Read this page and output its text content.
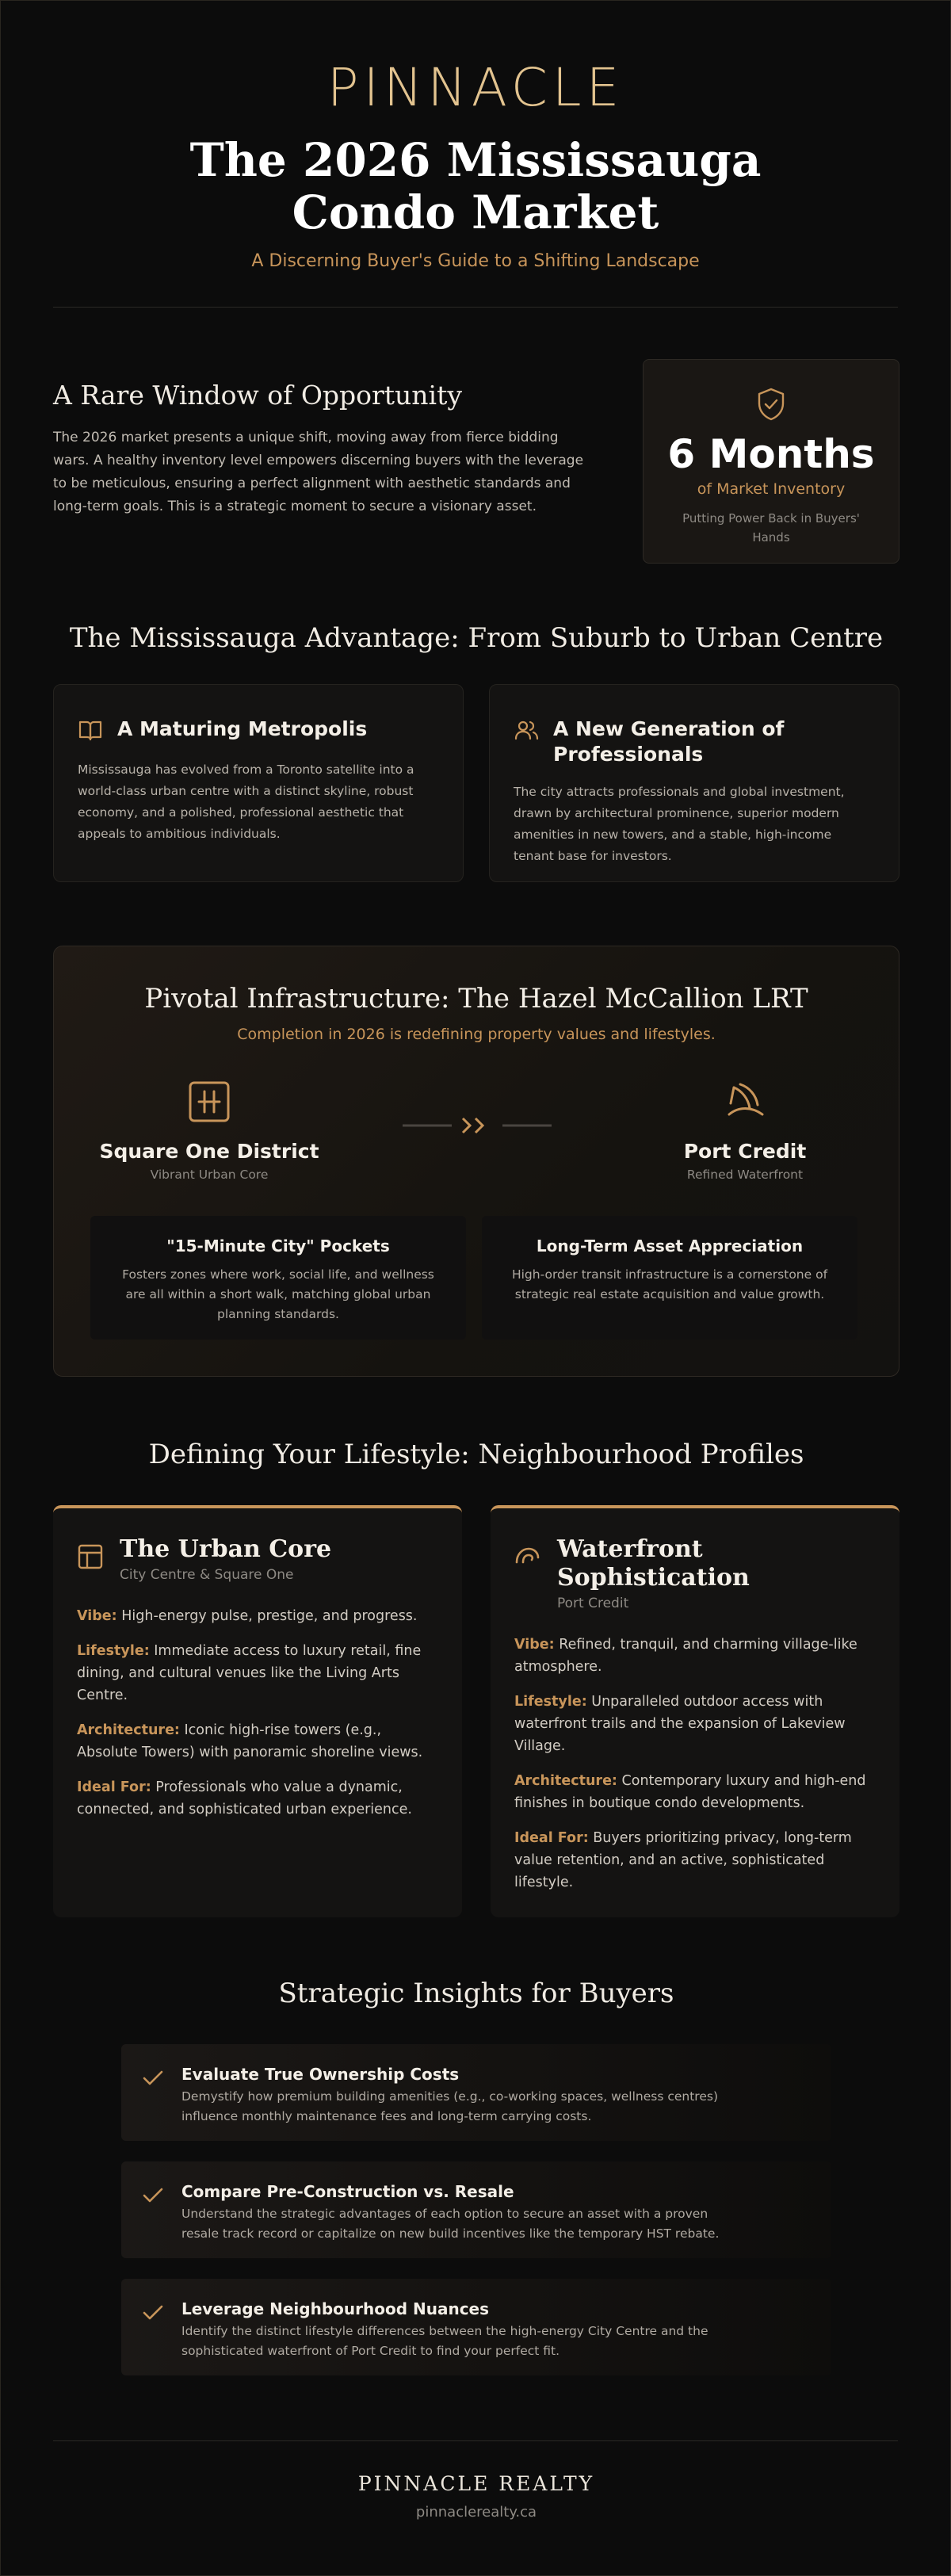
PINNACLE
The 2026 Mississauga Condo Market
A Discerning Buyer's Guide to a Shifting Landscape
A Rare Window of Opportunity

The 2026 market presents a unique shift, moving away from fierce bidding wars. A healthy inventory level empowers discerning buyers with the leverage to be meticulous, ensuring a perfect alignment with aesthetic standards and long-term goals. This is a strategic moment to secure a visionary asset.

6 Months
of Market Inventory
Putting Power Back in Buyers' Hands
The Mississauga Advantage: From Suburb to Urban Centre
A Maturing Metropolis

Mississauga has evolved from a Toronto satellite into a world-class urban centre with a distinct skyline, robust economy, and a polished, professional aesthetic that appeals to ambitious individuals.

A New Generation of Professionals

The city attracts professionals and global investment, drawn by architectural prominence, superior modern amenities in new towers, and a stable, high-income tenant base for investors.

Pivotal Infrastructure: The Hazel McCallion LRT
Completion in 2026 is redefining property values and lifestyles.
Square One District
Vibrant Urban Core
Port Credit
Refined Waterfront
"15-Minute City" Pockets

Fosters zones where work, social life, and wellness are all within a short walk, matching global urban planning standards.

Long-Term Asset Appreciation

High-order transit infrastructure is a cornerstone of strategic real estate acquisition and value growth.

Defining Your Lifestyle: Neighbourhood Profiles
The Urban Core
City Centre & Square One
Vibe: High-energy pulse, prestige, and progress.
Lifestyle: Immediate access to luxury retail, fine dining, and cultural venues like the Living Arts Centre.
Architecture: Iconic high-rise towers (e.g., Absolute Towers) with panoramic shoreline views.
Ideal For: Professionals who value a dynamic, connected, and sophisticated urban experience.
Waterfront Sophistication
Port Credit
Vibe: Refined, tranquil, and charming village-like atmosphere.
Lifestyle: Unparalleled outdoor access with waterfront trails and the expansion of Lakeview Village.
Architecture: Contemporary luxury and high-end finishes in boutique condo developments.
Ideal For: Buyers prioritizing privacy, long-term value retention, and an active, sophisticated lifestyle.
Strategic Insights for Buyers
Evaluate True Ownership Costs

Demystify how premium building amenities (e.g., co-working spaces, wellness centres) influence monthly maintenance fees and long-term carrying costs.

Compare Pre-Construction vs. Resale

Understand the strategic advantages of each option to secure an asset with a proven resale track record or capitalize on new build incentives like the temporary HST rebate.

Leverage Neighbourhood Nuances

Identify the distinct lifestyle differences between the high-energy City Centre and the sophisticated waterfront of Port Credit to find your perfect fit.

PINNACLE REALTY
pinnaclerealty.ca
